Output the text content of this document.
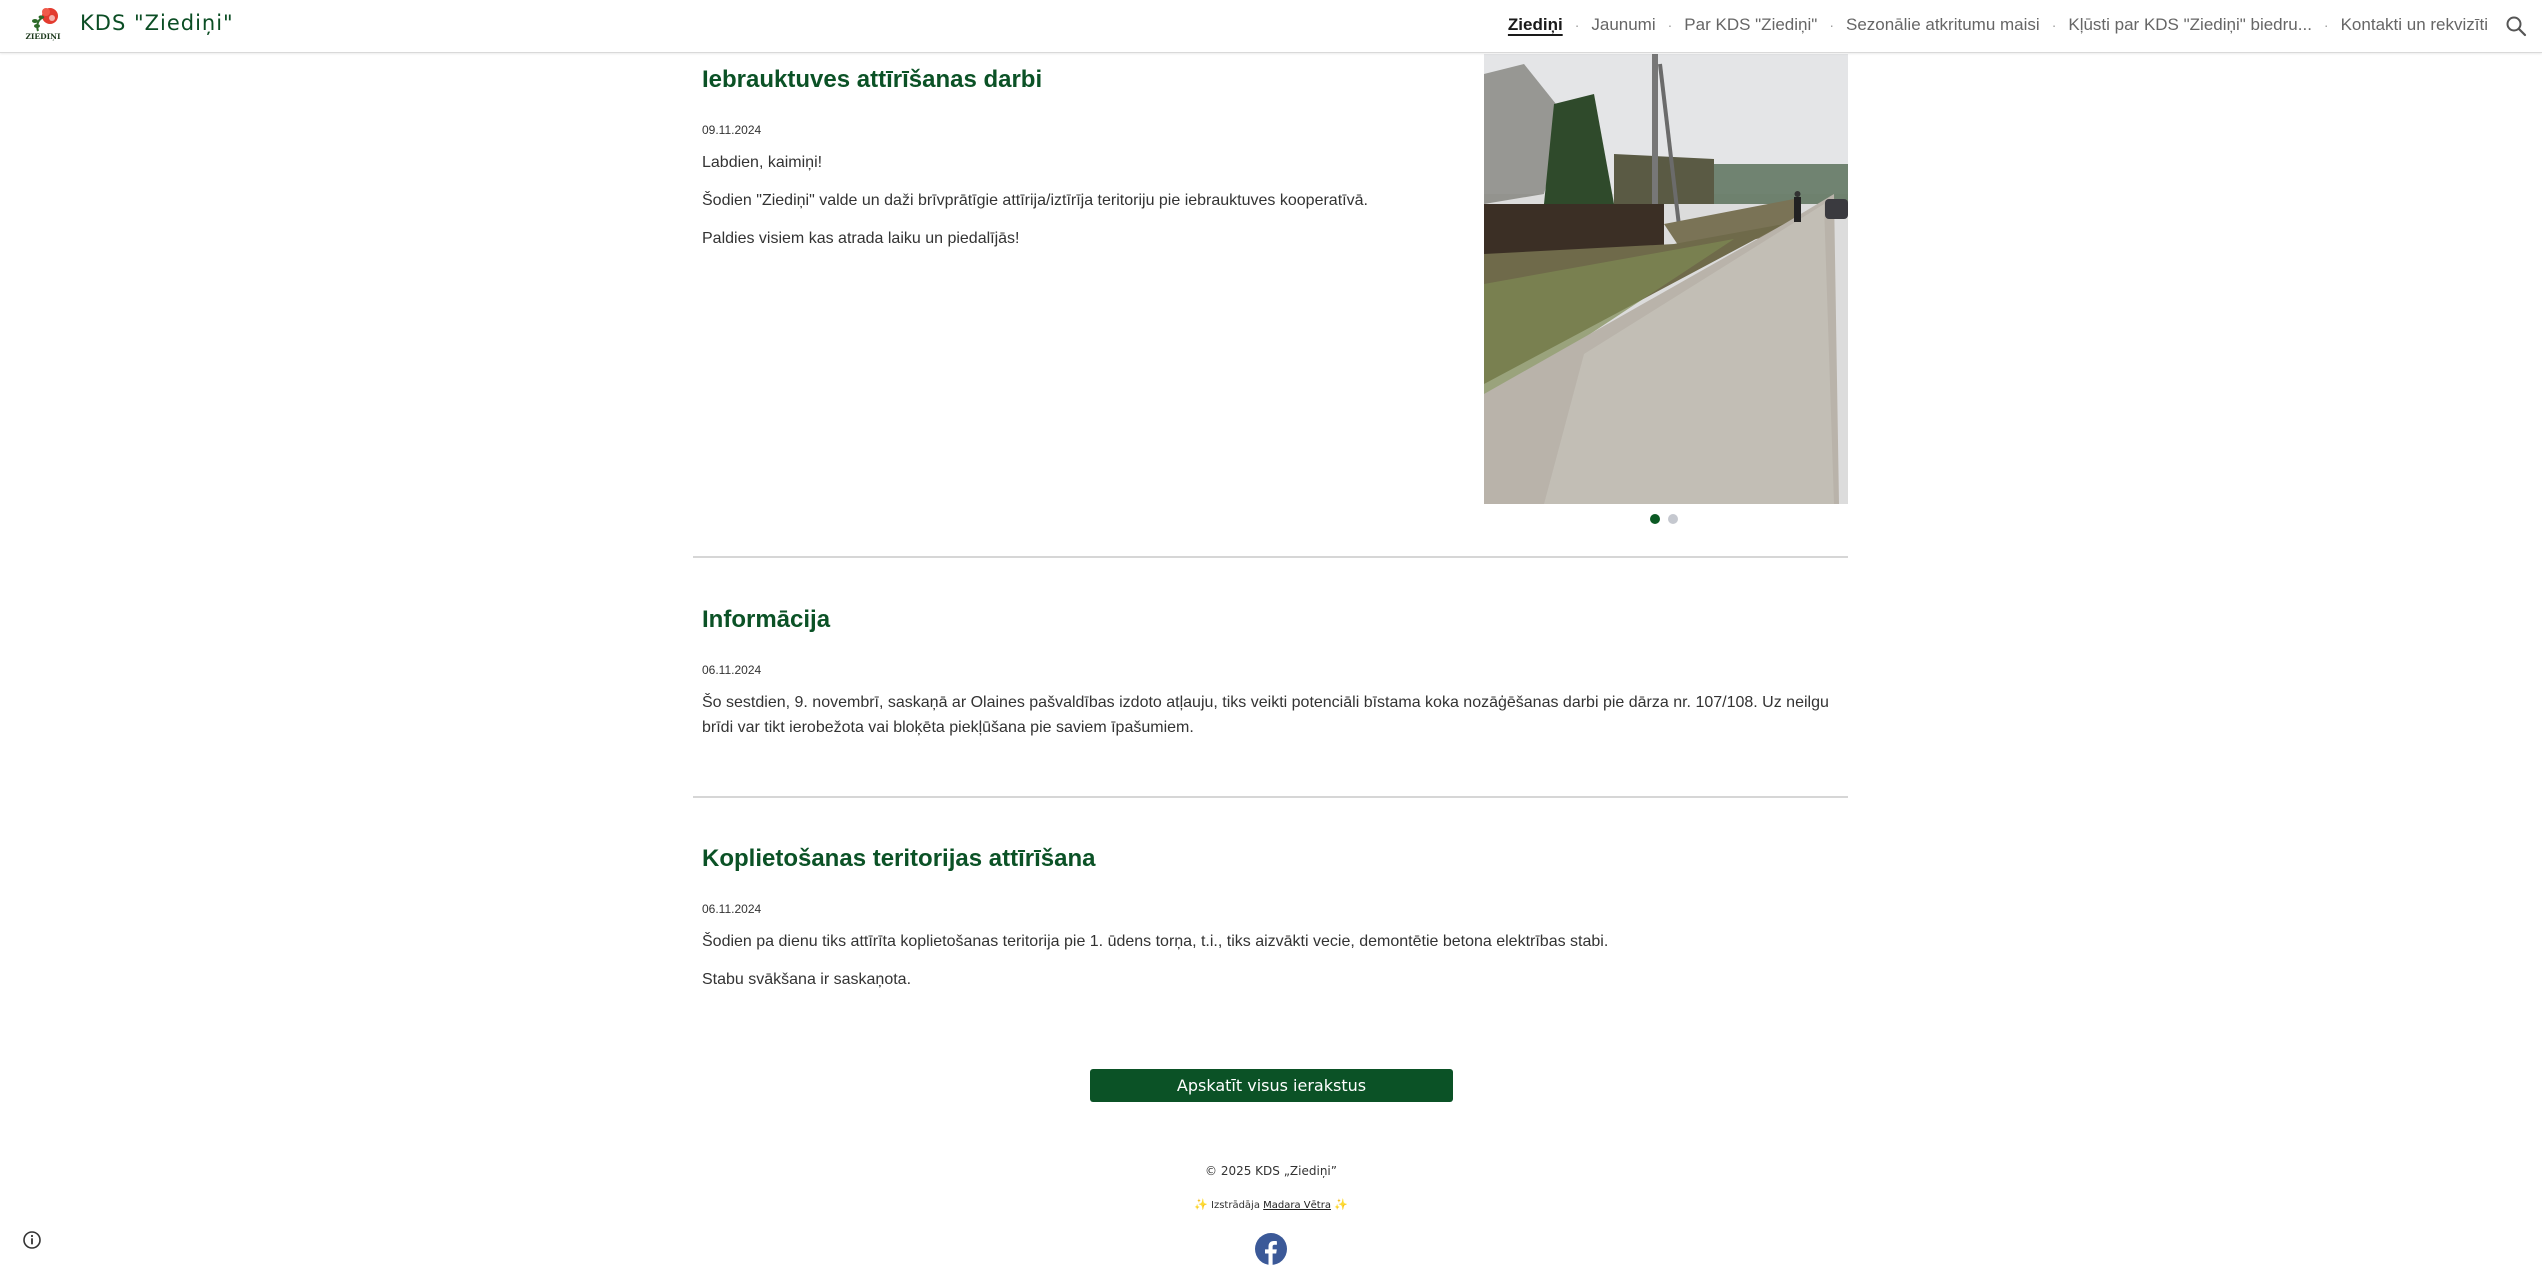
ZIEDIŅI
KDS "Ziediņi"	Ziediņi · Jaunumi · Par KDS "Ziediņi" · Sezonālie atkritumu maisi · Kļūsti par KDS "Ziediņi" biedru... · Kontakti un rekvizīti
Iebrauktuves attīrīšanas darbi
09.11.2024

Labdien, kaimiņi!

Šodien "Ziediņi" valde un daži brīvprātīgie attīrija/iztīrīja teritoriju pie iebrauktuves kooperatīvā.

Paldies visiem kas atrada laiku un piedalījās!

Informācija
06.11.2024

Šo sestdien, 9. novembrī, saskaņā ar Olaines pašvaldības izdoto atļauju, tiks veikti potenciāli bīstama koka nozāģēšanas darbi pie dārza nr. 107/108. Uz neilgu brīdi var tikt ierobežota vai bloķēta piekļūšana pie saviem īpašumiem.

Koplietošanas teritorijas attīrīšana
06.11.2024

Šodien pa dienu tiks attīrīta koplietošanas teritorija pie 1. ūdens torņa, t.i., tiks aizvākti vecie, demontētie betona elektrības stabi.

Stabu svākšana ir saskaņota.

Apskatīt visus ierakstus
© 2025 KDS „Ziediņi”
✨ Izstrādāja Madara Vētra ✨
